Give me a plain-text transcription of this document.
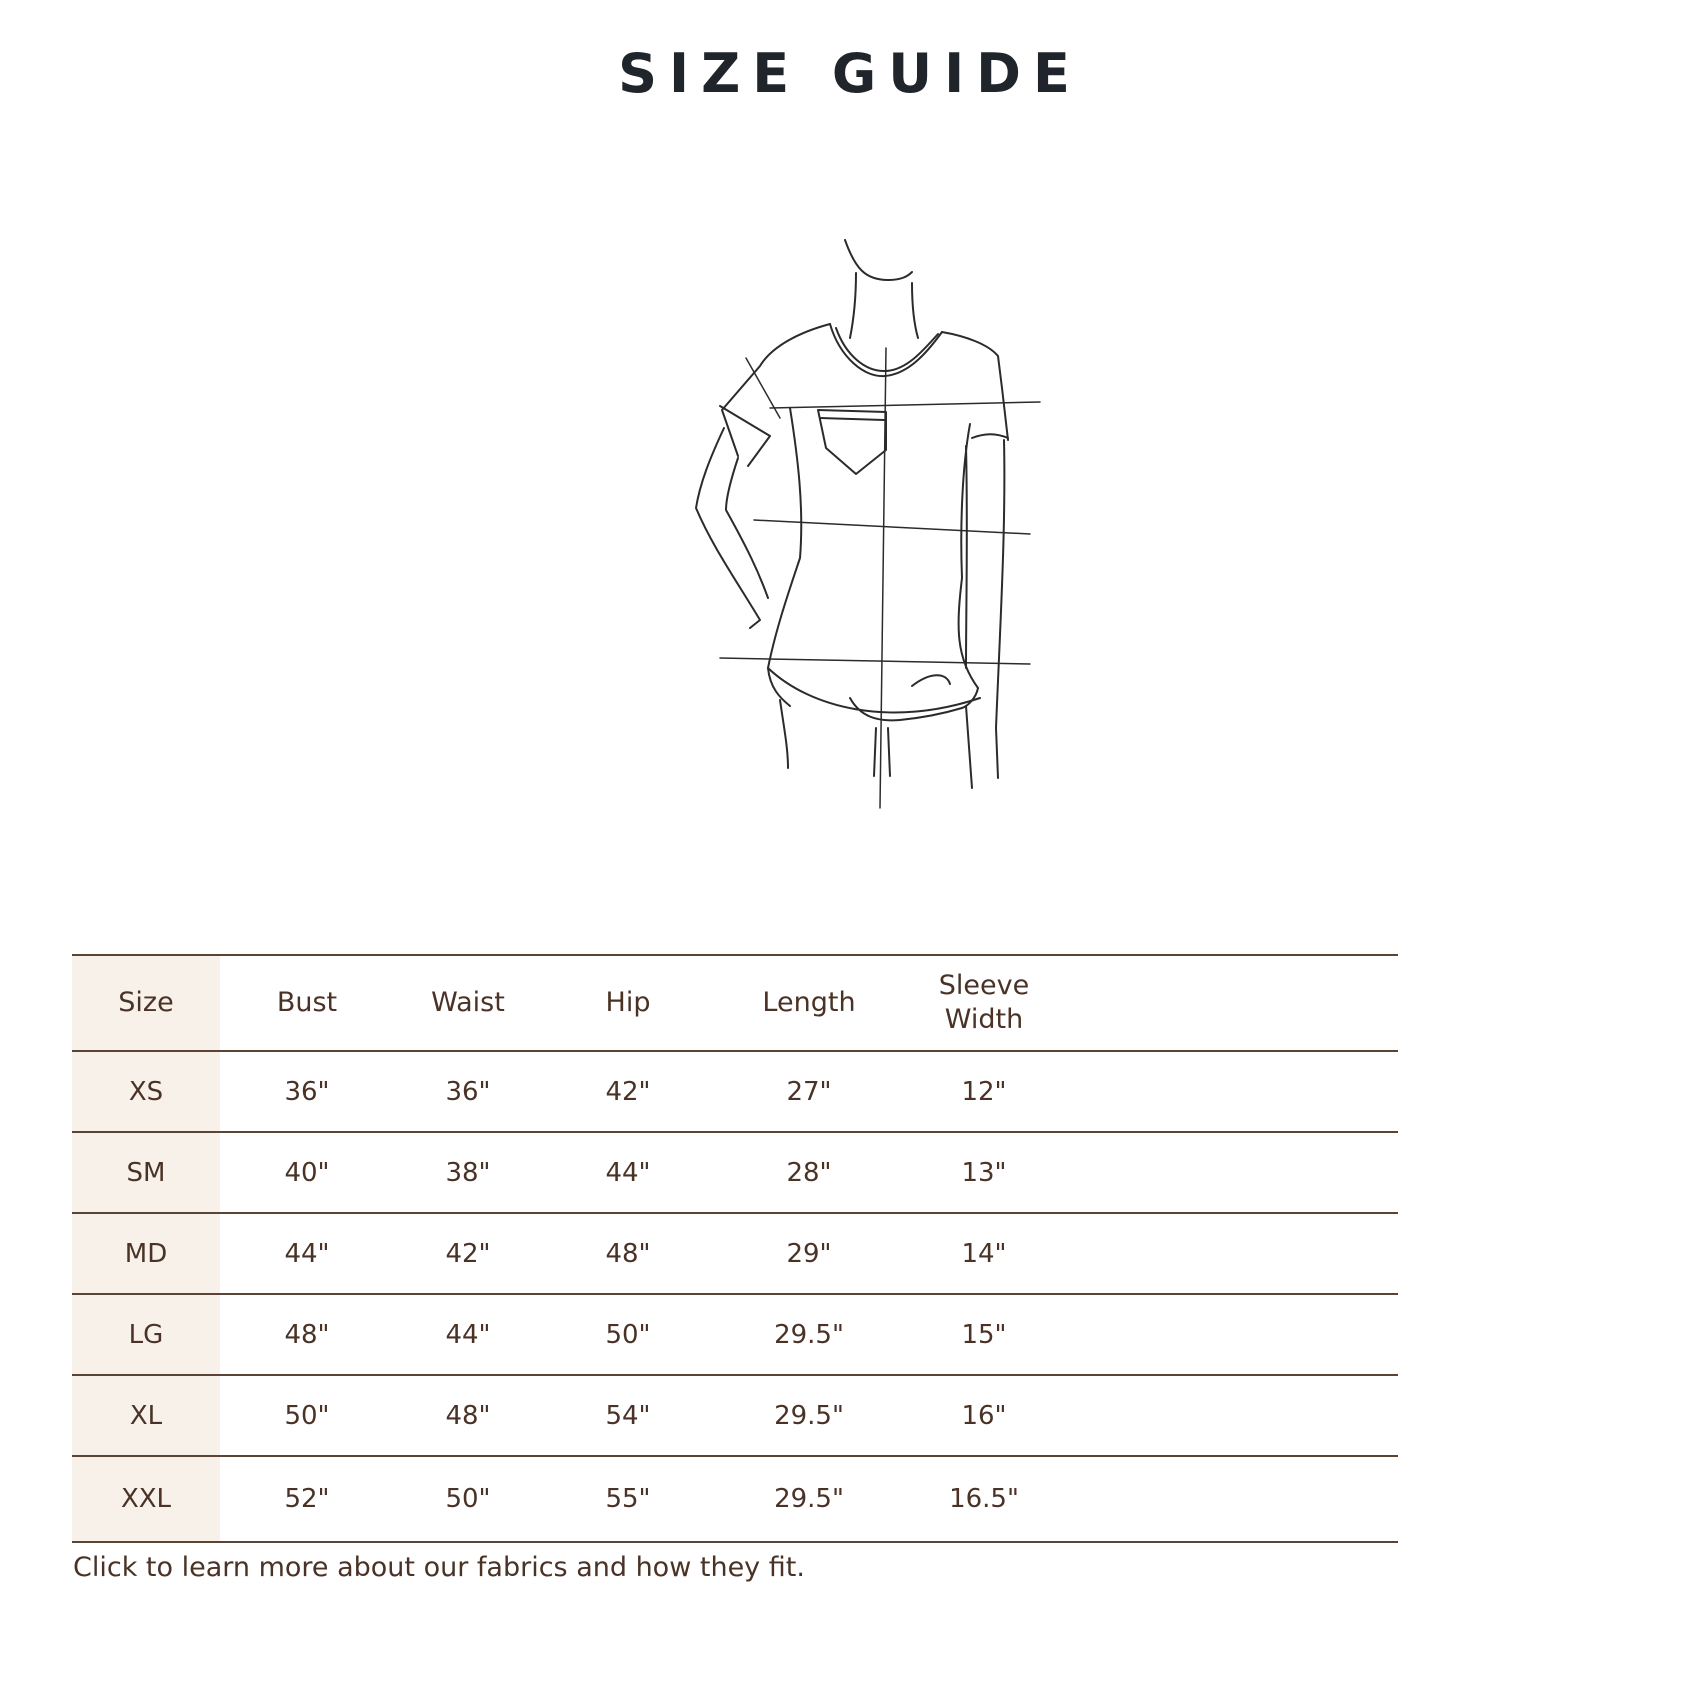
SIZE GUIDE
Size	Bust	Waist	Hip	Length	Sleeve
Width	
XS	36"	36"	42"	27"	12"	
SM	40"	38"	44"	28"	13"	
MD	44"	42"	48"	29"	14"	
LG	48"	44"	50"	29.5"	15"	
XL	50"	48"	54"	29.5"	16"	
XXL	52"	50"	55"	29.5"	16.5"	
Click to learn more about our fabrics and how they fit.
